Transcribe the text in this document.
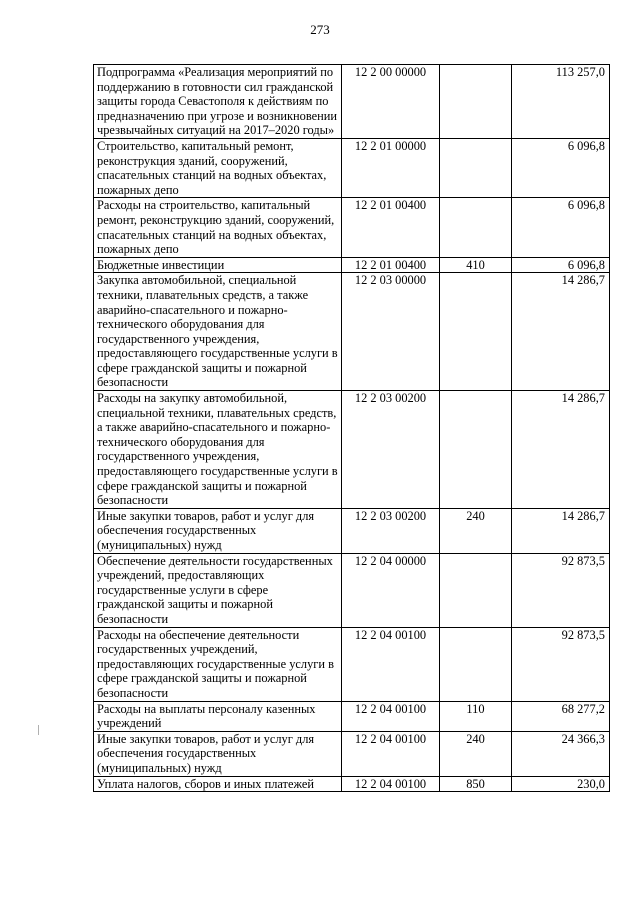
273
Подпрограмма «Реализация мероприятий по поддержанию в готовности сил гражданской защиты города Севастополя к действиям по предназначению при угрозе и возникновении чрезвычайных ситуаций на 2017–2020 годы»	12 2 00 00000		113 257,0
Строительство, капитальный ремонт, реконструкция зданий, сооружений, спасательных станций на водных объектах, пожарных депо	12 2 01 00000		6 096,8
Расходы на строительство, капитальный ремонт, реконструкцию зданий, сооружений, спасательных станций на водных объектах, пожарных депо	12 2 01 00400		6 096,8
Бюджетные инвестиции	12 2 01 00400	410	6 096,8
Закупка автомобильной, специальной техники, плавательных средств, а также аварийно-спасательного и пожарно-технического оборудования для государственного учреждения, предоставляющего государственные услуги в сфере гражданской защиты и пожарной безопасности	12 2 03 00000		14 286,7
Расходы на закупку автомобильной, специальной техники, плавательных средств, а также аварийно-спасательного и пожарно-технического оборудования для государственного учреждения, предоставляющего государственные услуги в сфере гражданской защиты и пожарной безопасности	12 2 03 00200		14 286,7
Иные закупки товаров, работ и услуг для обеспечения государственных (муниципальных) нужд	12 2 03 00200	240	14 286,7
Обеспечение деятельности государственных учреждений, предоставляющих государственные услуги в сфере гражданской защиты и пожарной безопасности	12 2 04 00000		92 873,5
Расходы на обеспечение деятельности государственных учреждений, предоставляющих государственные услуги в сфере гражданской защиты и пожарной безопасности	12 2 04 00100		92 873,5
Расходы на выплаты персоналу казенных учреждений	12 2 04 00100	110	68 277,2
Иные закупки товаров, работ и услуг для обеспечения государственных (муниципальных) нужд	12 2 04 00100	240	24 366,3
Уплата налогов, сборов и иных платежей	12 2 04 00100	850	230,0
